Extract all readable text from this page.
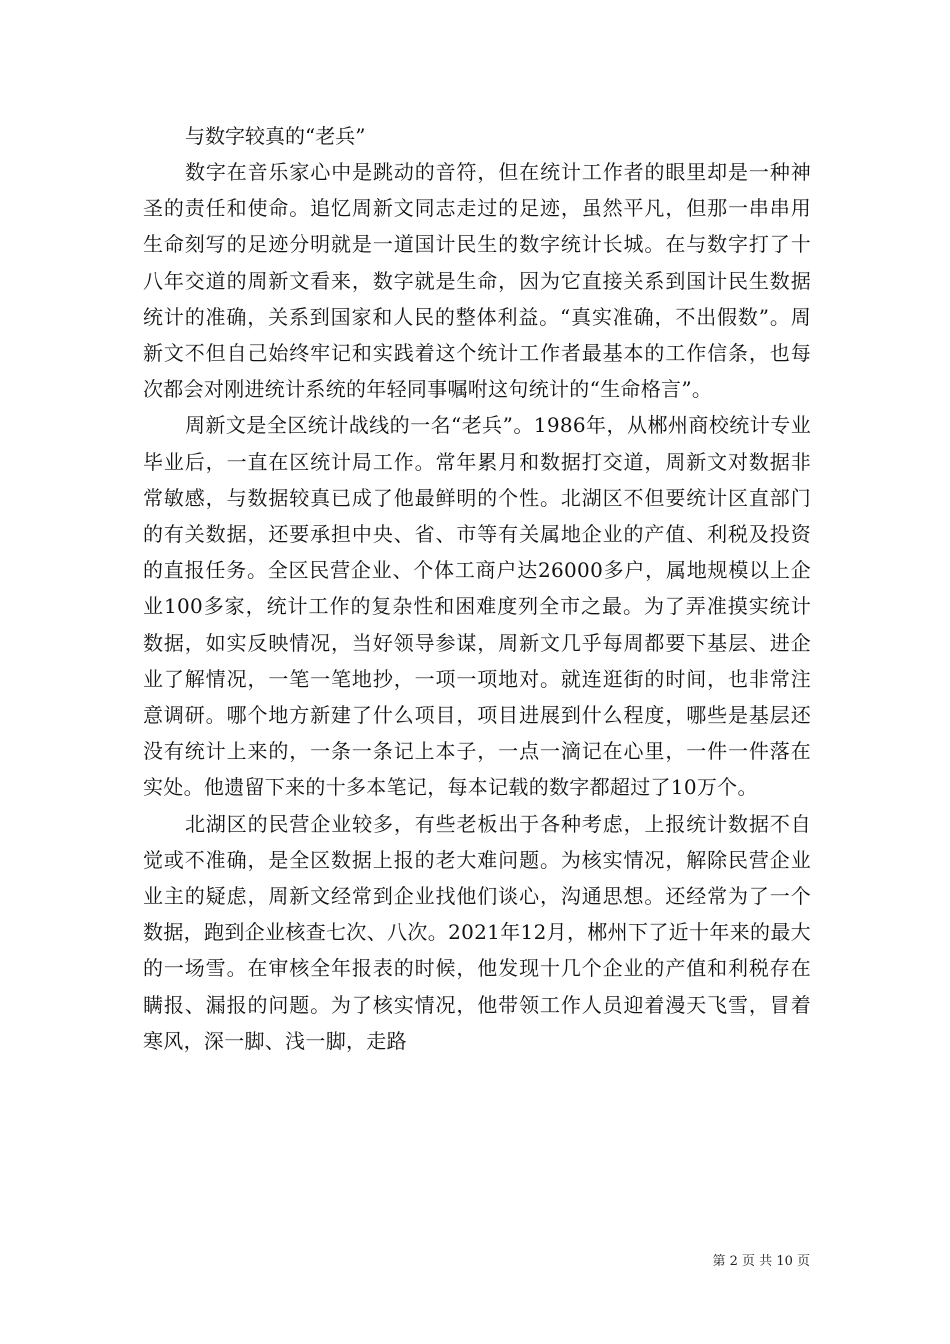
与数字较真的“老兵”

数字在音乐家心中是跳动的音符，但在统计工作者的眼里却是一种神圣的责任和使命。追忆周新文同志走过的足迹，虽然平凡，但那一串串用生命刻写的足迹分明就是一道国计民生的数字统计长城。在与数字打了十八年交道的周新文看来，数字就是生命，因为它直接关系到国计民生数据统计的准确，关系到国家和人民的整体利益。“真实准确，不出假数”。周新文不但自己始终牢记和实践着这个统计工作者最基本的工作信条，也每次都会对刚进统计系统的年轻同事嘱咐这句统计的“生命格言”。

周新文是全区统计战线的一名“老兵”。1986年，从郴州商校统计专业毕业后，一直在区统计局工作。常年累月和数据打交道，周新文对数据非常敏感，与数据较真已成了他最鲜明的个性。北湖区不但要统计区直部门的有关数据，还要承担中央、省、市等有关属地企业的产值、利税及投资的直报任务。全区民营企业、个体工商户达26000多户，属地规模以上企业100多家，统计工作的复杂性和困难度列全市之最。为了弄准摸实统计数据，如实反映情况，当好领导参谋，周新文几乎每周都要下基层、进企业了解情况，一笔一笔地抄，一项一项地对。就连逛街的时间，也非常注意调研。哪个地方新建了什么项目，项目进展到什么程度，哪些是基层还没有统计上来的，一条一条记上本子，一点一滴记在心里，一件一件落在实处。他遗留下来的十多本笔记，每本记载的数字都超过了10万个。

北湖区的民营企业较多，有些老板出于各种考虑，上报统计数据不自觉或不准确，是全区数据上报的老大难问题。为核实情况，解除民营企业业主的疑虑，周新文经常到企业找他们谈心，沟通思想。还经常为了一个数据，跑到企业核查七次、八次。2021年12月，郴州下了近十年来的最大的一场雪。在审核全年报表的时候，他发现十几个企业的产值和利税存在瞒报、漏报的问题。为了核实情况，他带领工作人员迎着漫天飞雪，冒着寒风，深一脚、浅一脚，走路

第 2 页 共 10 页
